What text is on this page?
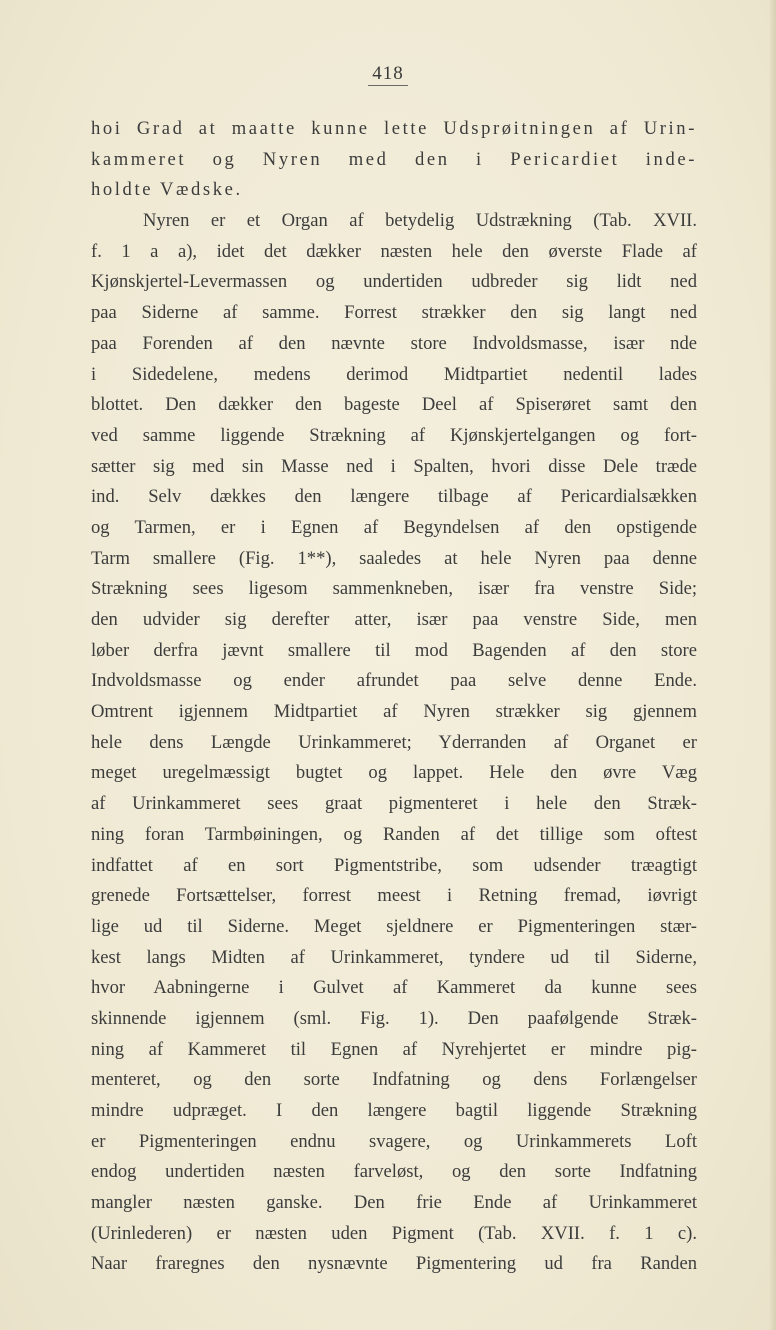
418
hoi Grad at maatte kunne lette Udsprøitningen af Urin-
kammeret og Nyren med den i Pericardiet inde-
holdte Vædske.
Nyren er et Organ af betydelig Udstrækning (Tab. XVII.
f. 1 a a), idet det dækker næsten hele den øverste Flade af
Kjønskjertel-Levermassen og undertiden udbreder sig lidt ned
paa Siderne af samme. Forrest strækker den sig langt ned
paa Forenden af den nævnte store Indvoldsmasse, især nde
i Sidedelene, medens derimod Midtpartiet nedentil lades
blottet. Den dækker den bageste Deel af Spiserøret samt den
ved samme liggende Strækning af Kjønskjertelgangen og fort-
sætter sig med sin Masse ned i Spalten, hvori disse Dele træde
ind. Selv dækkes den længere tilbage af Pericardialsækken
og Tarmen, er i Egnen af Begyndelsen af den opstigende
Tarm smallere (Fig. 1**), saaledes at hele Nyren paa denne
Strækning sees ligesom sammenkneben, især fra venstre Side;
den udvider sig derefter atter, især paa venstre Side, men
løber derfra jævnt smallere til mod Bagenden af den store
Indvoldsmasse og ender afrundet paa selve denne Ende.
Omtrent igjennem Midtpartiet af Nyren strækker sig gjennem
hele dens Længde Urinkammeret; Yderranden af Organet er
meget uregelmæssigt bugtet og lappet. Hele den øvre Væg
af Urinkammeret sees graat pigmenteret i hele den Stræk-
ning foran Tarmbøiningen, og Randen af det tillige som oftest
indfattet af en sort Pigmentstribe, som udsender træagtigt
grenede Fortsættelser, forrest meest i Retning fremad, iøvrigt
lige ud til Siderne. Meget sjeldnere er Pigmenteringen stær-
kest langs Midten af Urinkammeret, tyndere ud til Siderne,
hvor Aabningerne i Gulvet af Kammeret da kunne sees
skinnende igjennem (sml. Fig. 1). Den paafølgende Stræk-
ning af Kammeret til Egnen af Nyrehjertet er mindre pig-
menteret, og den sorte Indfatning og dens Forlængelser
mindre udpræget. I den længere bagtil liggende Strækning
er Pigmenteringen endnu svagere, og Urinkammerets Loft
endog undertiden næsten farveløst, og den sorte Indfatning
mangler næsten ganske. Den frie Ende af Urinkammeret
(Urinlederen) er næsten uden Pigment (Tab. XVII. f. 1 c).
Naar fraregnes den nysnævnte Pigmentering ud fra Randen
